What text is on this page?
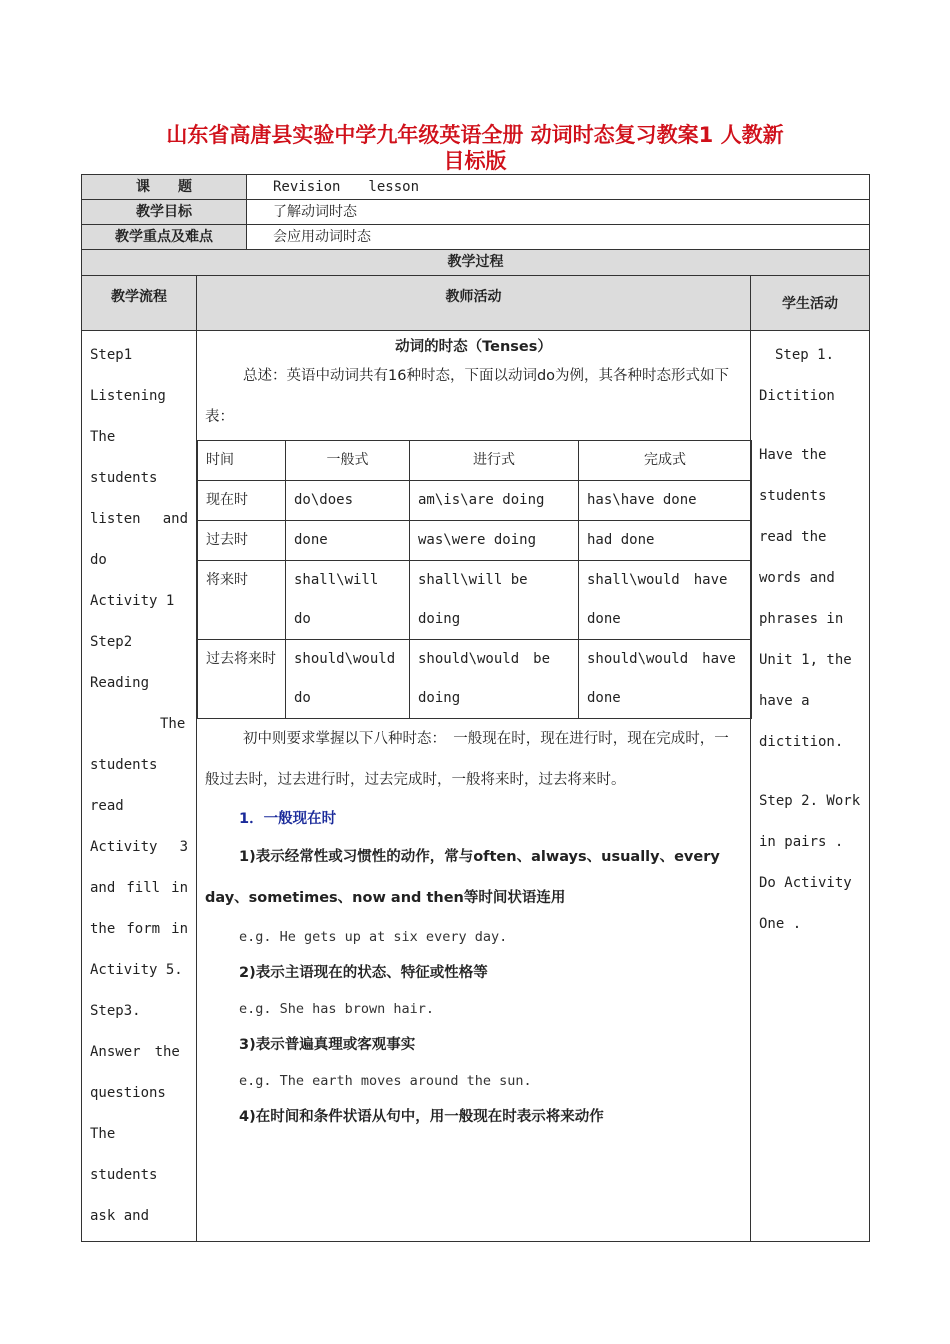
山东省高唐县实验中学九年级英语全册 动词时态复习教案1 人教新
目标版
课　　题	Revision　　lesson
教学目标	了解动词时态
教学重点及难点	会应用动词时态
教学过程
教学流程	教师活动	学生活动

Step1

Listening

The students listen　and do　Activity 1

Step2

Reading

The students read Activity　3 and fill in the form in Activity 5.

Step3.

Answer　the questions

The students ask and

动词的时态（Tenses）

总述：英语中动词共有16种时态，下面以动词do为例，其各种时态形式如下表：

时间	一般式	进行式	完成式
现在时	do\does	am\is\are doing	has\have done
过去时	done	was\were doing	had done
将来时	shall\will do	shall\will be doing	shall\would　have done
过去将来时	should\would do	should\would　be doing	should\would　have done

初中则要求掌握以下八种时态：　一般现在时，现在进行时，现在完成时，一般过去时，过去进行时，过去完成时，一般将来时，过去将来时。

1．一般现在时

1)表示经常性或习惯性的动作，常与often、always、usually、every day、sometimes、now and then等时间状语连用

e.g. He gets up at six every day.

2)表示主语现在的状态、特征或性格等

e.g. She has brown hair.

3)表示普遍真理或客观事实

e.g. The earth moves around the sun.

4)在时间和条件状语从句中，用一般现在时表示将来动作

Step 1.

Dictition

Have the students read the words and phrases in Unit 1, the have a dictition.

Step 2. Work in pairs .

Do Activity One .
